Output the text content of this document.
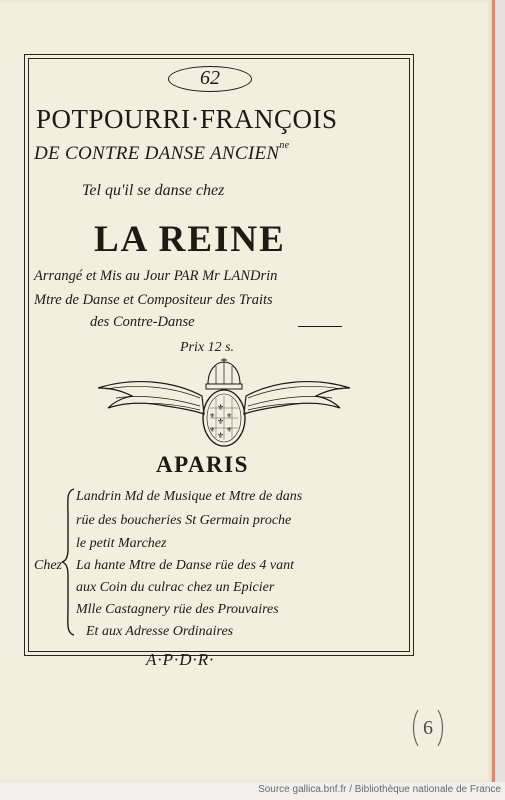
62
POTPOURRI·FRANÇOIS
DE CONTRE DANSE $ANCIEN^{ne}$
Tel qu'il se danse chez
LA REINE
Arrangé et Mis au Jour PAR Mr LANDrin
Mtre de Danse et Compositeur des Traits
des Contre-Danse
Prix 12 s.
⚜
⚜
⚜
⚜ ⚜
⚜ ⚜
APARIS
Chez
Landrin Md de Musique et Mtre de dans
rüe des boucheries St Germain proche
le petit Marchez
La hante Mtre de Danse rüe des 4 vant
aux Coin du culrac chez un Epicier
Mlle Castagnery rüe des Prouvaires
Et aux Adresse Ordinaires
A·P·D·R·
6
Source gallica.bnf.fr / Bibliothèque nationale de France
